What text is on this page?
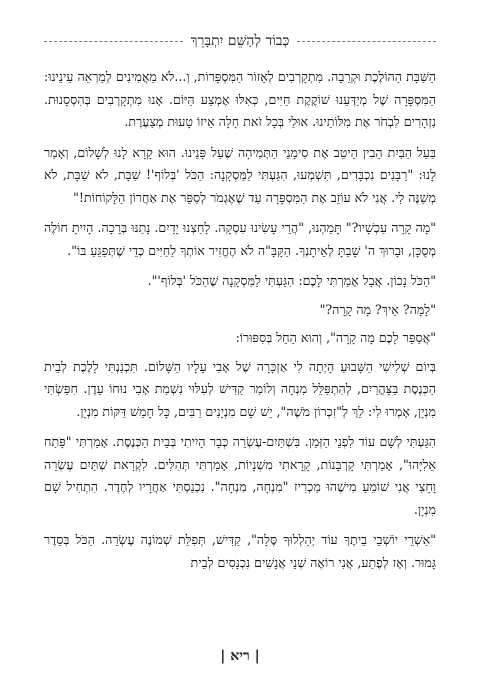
כְּבוֹד לְהַשֵּׁם יִתְבָּרֵךְ

הַשַּׁבָּת הַהוֹלֶכֶת וּקְרֵבָה. מִתְקָרְבִים לְאֵזוֹר הַמִּסְפָּרוֹת, וְ...לֹא מַאֲמִינִים לְמַרְאֵה עֵינֵינוּ: הַמִּסְפָּרָה שֶׁל מְיַדְּעֵנוּ שׁוֹקֶקֶת חַיִּים, כְּאִלּוּ אֶמְצַע הַיּוֹם. אָנוּ מִתְקָרְבִים בְּהִסְסָנוּת. נִזְהָרִים לִבְחֹר אֶת מִלּוֹתֵינוּ. אוּלַי בְּכָל זֹאת חָלָה אֵיזוֹ טָעוּת מְצַעֶרֶת.

בַּעַל הַבַּיִת הֵבִין הֵיטֵב אֶת סִימָנֵי הַתְּמִיהָה שֶׁעַל פָּנֵינוּ. הוּא קָרָא לָנוּ לְשָׁלוֹם, וְאָמַר לָנוּ: "רַבָּנִים נִכְבָּדִים, תִּשְׁמְעוּ, הִגַּעְתִּי לַמַּסְקָנָה: הַכֹּל 'בְּלוֹף'! שַׁבָּת, לֹא שַׁבָּת, לֹא מְשַׁנֶּה לִי. אֲנִי לֹא עוֹזֵב אֶת הַמִּסְפָּרָה עַד שֶׁאֶגְמֹר לְסַפֵּר אֶת אַחֲרוֹן הַלָּקוֹחוֹת!"

"מָה קָרָה עַכְשָׁיו?" תָּמַהְנוּ, "הֲרֵי עָשִׂינוּ עִסְקָה. לָחַצְנוּ יָדַיִם. נָתַנּוּ בְּרָכָה. הָיִיתָ חוֹלֶה מְסֻכָּן, וּבָרוּךְ ה' שָׁבַתָּ לְאֵיתָנְךָ. הַקָּבָּ"ה לֹא הֶחֱזִיר אוֹתְךָ לַחַיִּים כְּדֵי שֶׁתְּפַגֵּעַ בּוֹ".

"הַכֹּל נָכוֹן. אֲבָל אָמַרְתִּי לָכֶם: הִגַּעְתִּי לַמַּסְקָנָה שֶׁהַכֹּל 'בְּלוֹף'".

"לָמָּה? אֵיךְ? מָה קָרָה?"

"אֲסַפֵּר לָכֶם מָה קָרָה", וְהוּא הֵחֵל בְּסִפּוּרוֹ:

בְּיוֹם שְׁלִישִׁי הַשָּׁבוּעַ הָיְתָה לִי אַזְכָּרָה שֶׁל אָבִי עָלָיו הַשָּׁלוֹם. תִּכְנַנְתִּי לָלֶכֶת לְבֵית הַכְּנֶסֶת בַּצָּהֳרַיִם, לְהִתְפַּלֵּל מִנְחָה וְלוֹמַר קַדִּישׁ לְעִלּוּי נִשְׁמַת אָבִי נוּחוֹ עֵדֶן. חִפַּשְׂתִּי מִנְיָן, אָמְרוּ לִי: לֵךְ לְ"זִכְרוֹן מֹשֶׁה", יֵשׁ שָׁם מִנְיָנִים רַבִּים, כָּל חָמֵשׁ דַּקּוֹת מִנְיָן.

הִגַּעְתִּי לְשָׁם עוֹד לִפְנֵי הַזְּמַן. בִּשְׁתַּיִם-עֶשְׂרֵה כְּבָר הָיִיתִי בְּבֵית הַכְּנֶסֶת. אָמַרְתִּי "פָּתַח אֵלִיָּהוּ", אָמַרְתִּי קָרְבָּנוֹת, קָרָאתִי מִשְׁנָיוֹת, אָמַרְתִּי תְּהִלִּים. לִקְרַאת שְׁתַּיִם עֶשְׂרֵה וָחֵצִי אֲנִי שׁוֹמֵעַ מִישֶׁהוּ מַכְרִיז "מִנְחָה, מִנְחָה". נִכְנַסְתִּי אַחֲרָיו לְחֶדֶר. הִתְחִיל שָׁם מִנְיָן.

"אַשְׁרֵי יוֹשְׁבֵי בֵיתֶךָ עוֹד יְהַלְלוּךָ סֶּלָה", קַדִּישׁ, תְּפִלַּת שְׁמוֹנֶה עֶשְׂרֵה. הַכֹּל בְּסֵדֶר גָּמוּר. וְאָז לְפֶתַע, אֲנִי רוֹאֶה שְׁנֵי אֲנָשִׁים נִכְנָסִים לְבֵית

| ריא |
